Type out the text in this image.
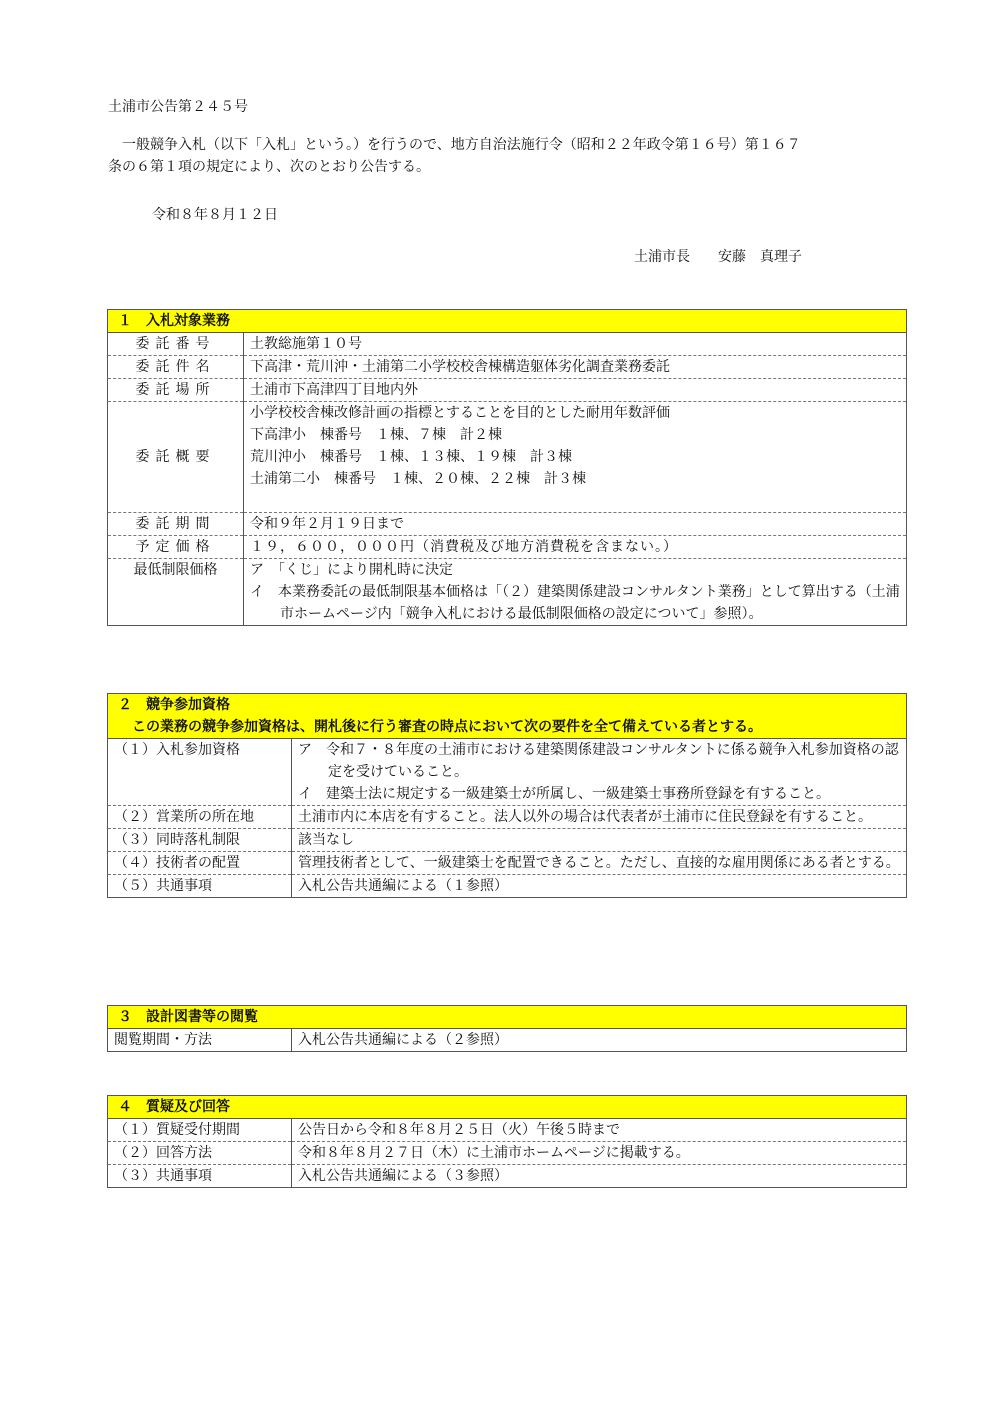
土浦市公告第２４５号

　一般競争入札（以下「入札」という。）を行うので、地方自治法施行令（昭和２２年政令第１６号）第１６７

条の６第１項の規定により、次のとおり公告する。

令和８年８月１２日
土浦市長　　安藤　真理子
１　入札対象業務	
委託番号	土教総施第１０号
委託件名	下高津・荒川沖・土浦第二小学校校舎棟構造躯体劣化調査業務委託
委託場所	土浦市下高津四丁目地内外
委託概要	小学校校舎棟改修計画の指標とすることを目的とした耐用年数評価
下高津小　棟番号　１棟、７棟　計２棟
荒川沖小　棟番号　１棟、１３棟、１９棟　計３棟
土浦第二小　棟番号　１棟、２０棟、２２棟　計３棟

委託期間	令和９年２月１９日まで
予定価格	１９，６００，０００円（消費税及び地方消費税を含まない。）
最低制限価格	ア　「くじ」により開札時に決定
イ　本業務委託の最低制限基本価格は「（２）建築関係建設コンサルタント業務」として算出する（土浦市ホームページ内「競争入札における最低制限価格の設定について」参照）。
２　競争参加資格
　この業務の競争参加資格は、開札後に行う審査の時点において次の要件を全て備えている者とする。	

（１）入札参加資格	ア　令和７・８年度の土浦市における建築関係建設コンサルタントに係る競争入札参加資格の認定を受けていること。
イ　建築士法に規定する一級建築士が所属し、一級建築士事務所登録を有すること。

（２）営業所の所在地	土浦市内に本店を有すること。法人以外の場合は代表者が土浦市に住民登録を有すること。
（３）同時落札制限	該当なし
（４）技術者の配置	管理技術者として、一級建築士を配置できること。ただし、直接的な雇用関係にある者とする。
（５）共通事項	入札公告共通編による（１参照）
３　設計図書等の閲覧
閲覧期間・方法	入札公告共通編による（２参照）
４　質疑及び回答	
（１）質疑受付期間	公告日から令和８年８月２５日（火）午後５時まで
（２）回答方法	令和８年８月２７日（木）に土浦市ホームページに掲載する。
（３）共通事項	入札公告共通編による（３参照）
